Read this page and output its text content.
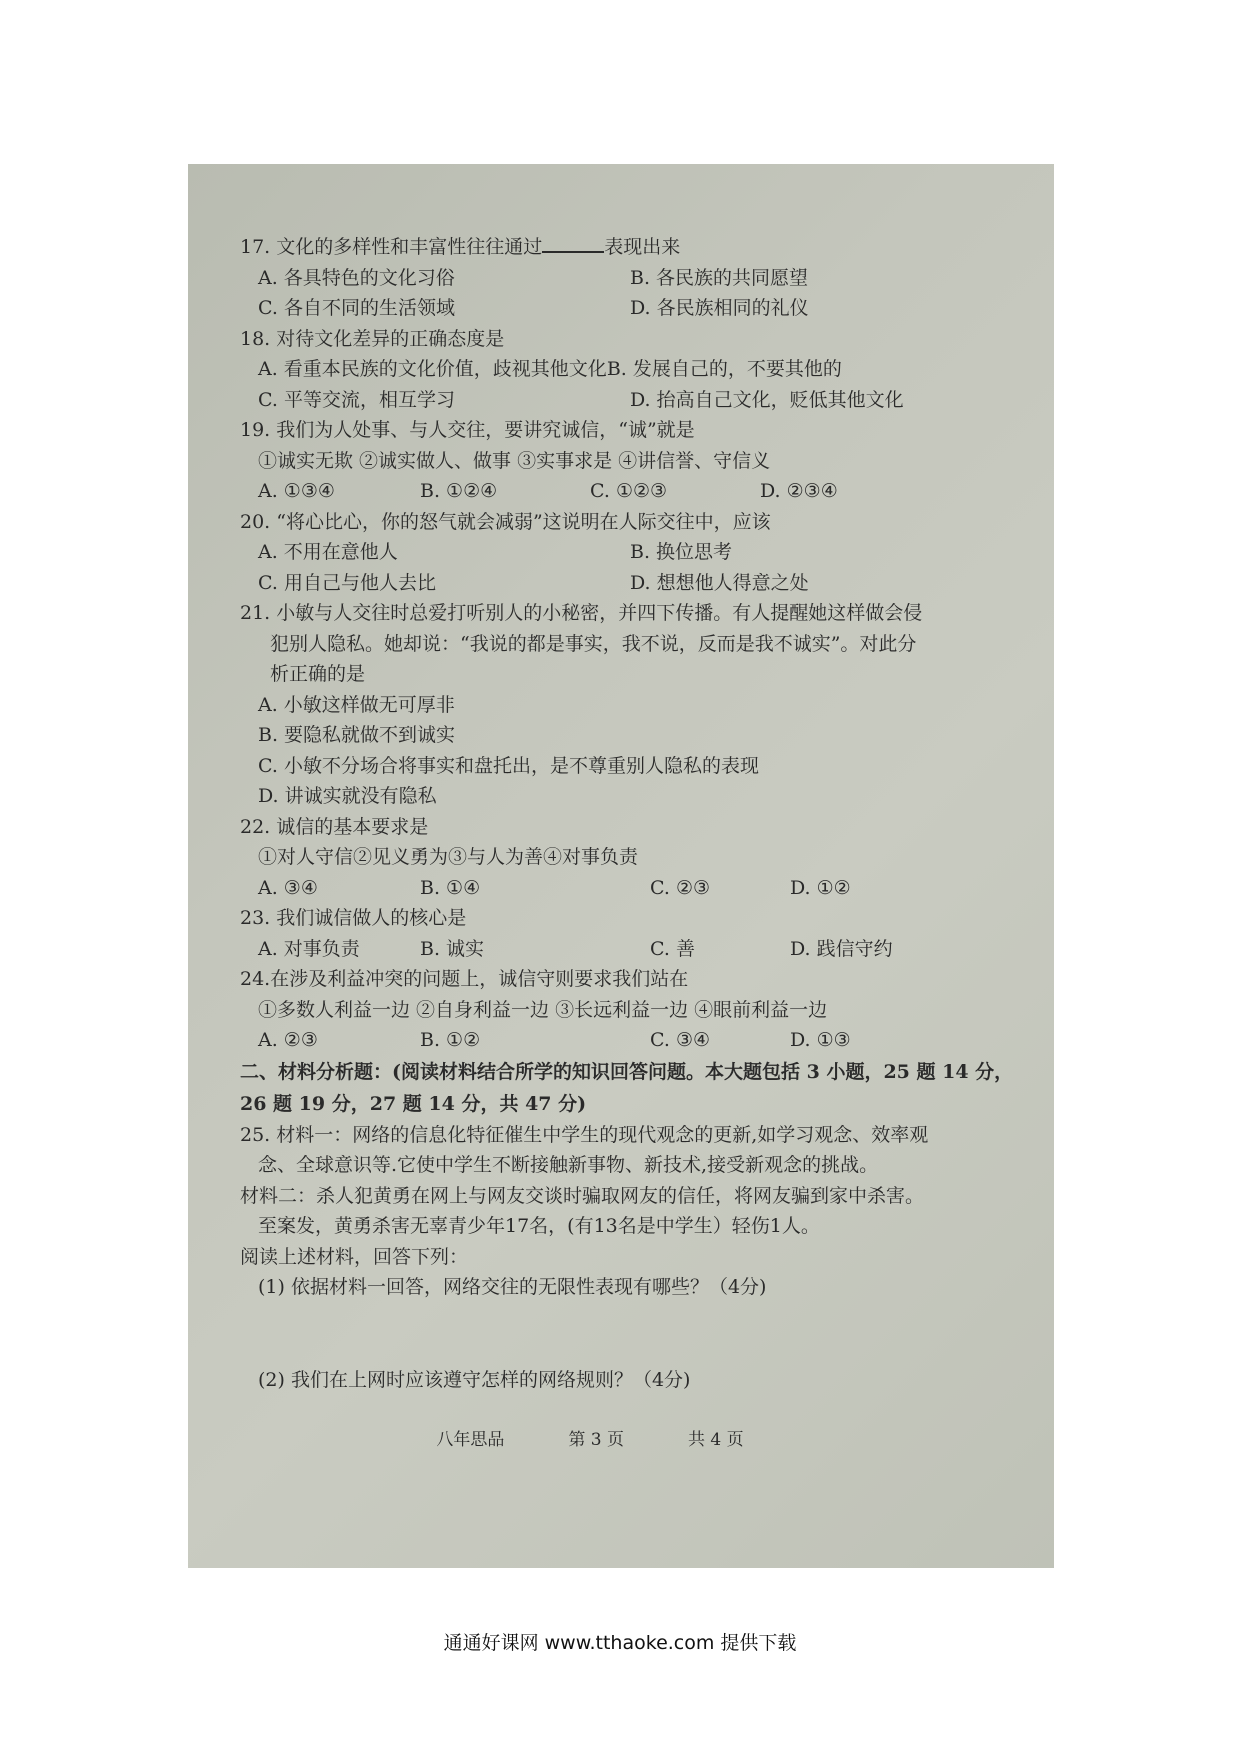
17. 文化的多样性和丰富性往往通过	表现出来
A. 各具特色的文化习俗	B. 各民族的共同愿望
C. 各自不同的生活领域	D. 各民族相同的礼仪
18. 对待文化差异的正确态度是
A. 看重本民族的文化价值，歧视其他文化B. 发展自己的，不要其他的
C. 平等交流，相互学习	D. 抬高自己文化，贬低其他文化
19. 我们为人处事、与人交往，要讲究诚信，“诚”就是
①诚实无欺 ②诚实做人、做事 ③实事求是 ④讲信誉、守信义
A. ①③④	B. ①②④	C. ①②③	D. ②③④
20. “将心比心，你的怒气就会减弱”这说明在人际交往中，应该
A. 不用在意他人	B. 换位思考
C. 用自己与他人去比	D. 想想他人得意之处
21. 小敏与人交往时总爱打听别人的小秘密，并四下传播。有人提醒她这样做会侵
犯别人隐私。她却说：“我说的都是事实，我不说，反而是我不诚实”。对此分
析正确的是
A. 小敏这样做无可厚非
B. 要隐私就做不到诚实
C. 小敏不分场合将事实和盘托出，是不尊重别人隐私的表现
D. 讲诚实就没有隐私
22. 诚信的基本要求是
①对人守信②见义勇为③与人为善④对事负责
A. ③④	B. ①④	C. ②③	D. ①②
23. 我们诚信做人的核心是
A. 对事负责	B. 诚实	C. 善	D. 践信守约
24.在涉及利益冲突的问题上，诚信守则要求我们站在
①多数人利益一边 ②自身利益一边 ③长远利益一边 ④眼前利益一边
A. ②③	B. ①②	C. ③④	D. ①③
二、材料分析题：(阅读材料结合所学的知识回答问题。本大题包括 3 小题，25 题 14 分，26 题 19 分，27 题 14 分，共 47 分)
25. 材料一：网络的信息化特征催生中学生的现代观念的更新,如学习观念、效率观
念、全球意识等.它使中学生不断接触新事物、新技术,接受新观念的挑战。
材料二：杀人犯黄勇在网上与网友交谈时骗取网友的信任，将网友骗到家中杀害。
至案发，黄勇杀害无辜青少年17名，(有13名是中学生）轻伤1人。
阅读上述材料，回答下列：
(1) 依据材料一回答，网络交往的无限性表现有哪些？（4分)
(2) 我们在上网时应该遵守怎样的网络规则？（4分)
八年思品	第 3 页	共 4 页
通通好课网 www.tthaoke.com 提供下载
